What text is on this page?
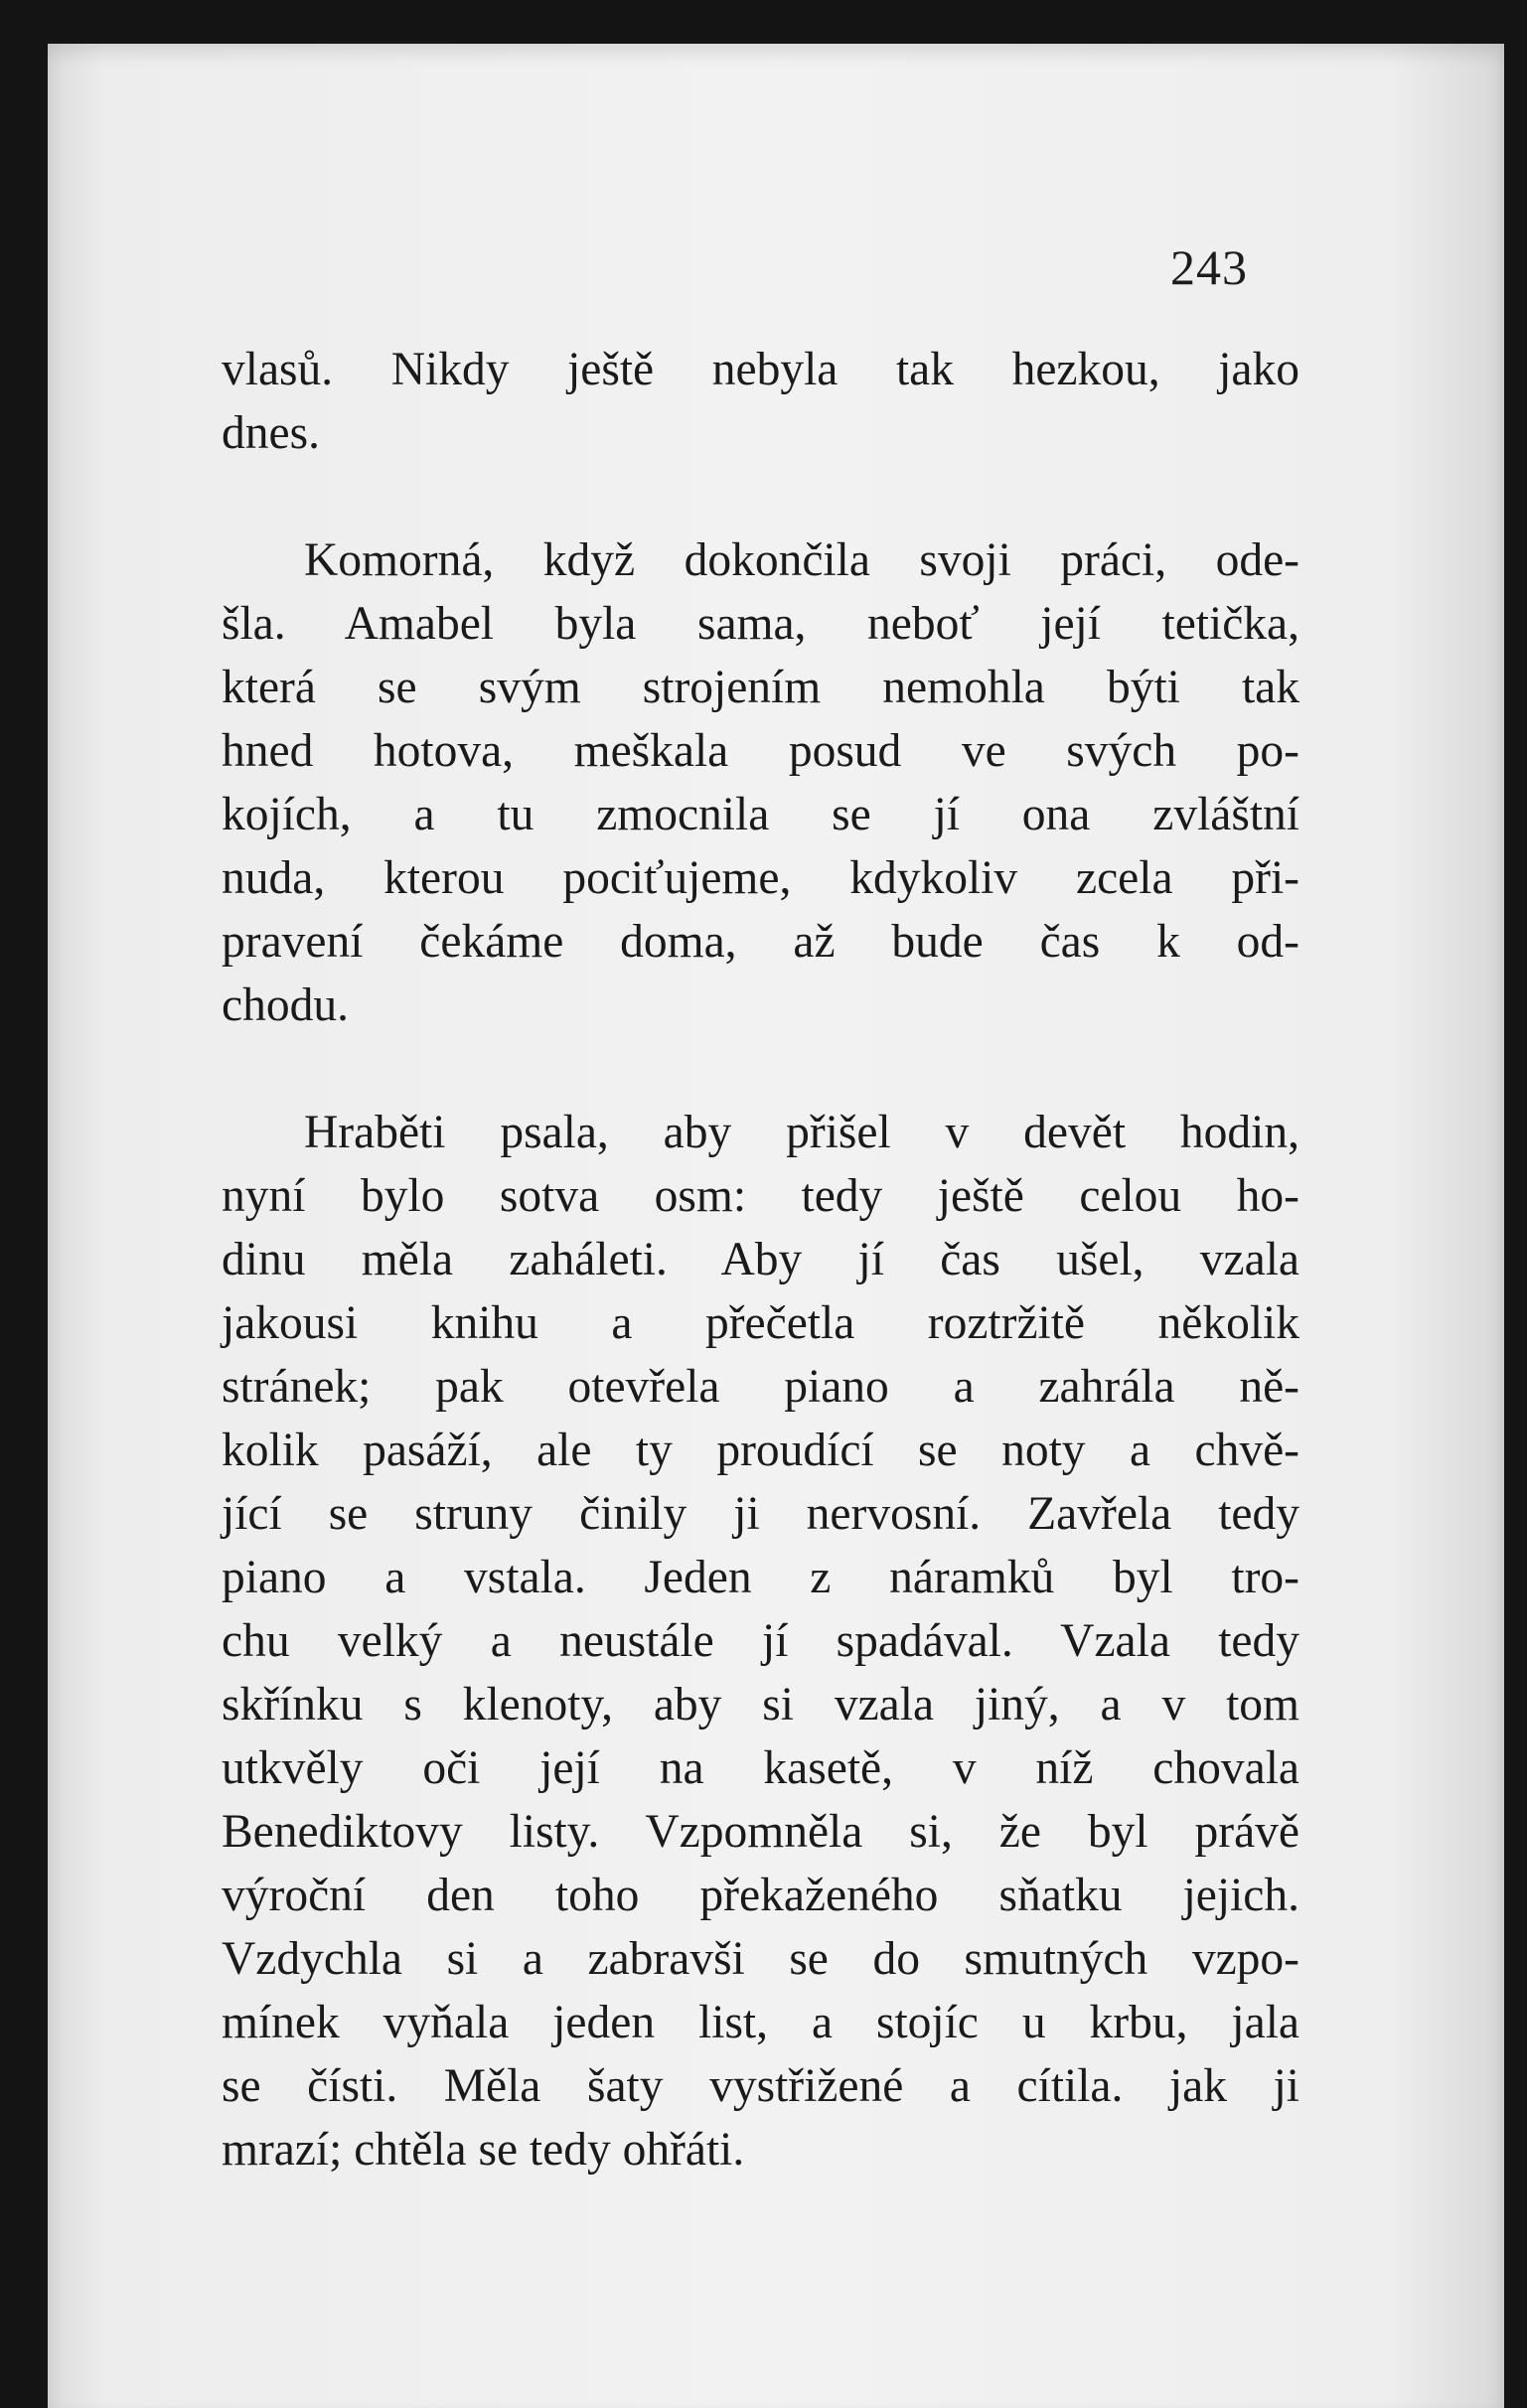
243
vlasů. Nikdy ještě nebyla tak hezkou, jako
dnes.
Komorná, když dokončila svoji práci, ode-
šla. Amabel byla sama, neboť její tetička,
která se svým strojením nemohla býti tak
hned hotova, meškala posud ve svých po-
kojích, a tu zmocnila se jí ona zvláštní
nuda, kterou pociťujeme, kdykoliv zcela při-
pravení čekáme doma, až bude čas k od-
chodu.
Hraběti psala, aby přišel v devět hodin,
nyní bylo sotva osm: tedy ještě celou ho-
dinu měla zaháleti. Aby jí čas ušel, vzala
jakousi knihu a přečetla roztržitě několik
stránek; pak otevřela piano a zahrála ně-
kolik pasáží, ale ty proudící se noty a chvě-
jící se struny činily ji nervosní. Zavřela tedy
piano a vstala. Jeden z náramků byl tro-
chu velký a neustále jí spadával. Vzala tedy
skřínku s klenoty, aby si vzala jiný, a v tom
utkvěly oči její na kasetě, v níž chovala
Benediktovy listy. Vzpomněla si, že byl právě
výroční den toho překaženého sňatku jejich.
Vzdychla si a zabravši se do smutných vzpo-
mínek vyňala jeden list, a stojíc u krbu, jala
se čísti. Měla šaty vystřižené a cítila. jak ji
mrazí; chtěla se tedy ohřáti.
